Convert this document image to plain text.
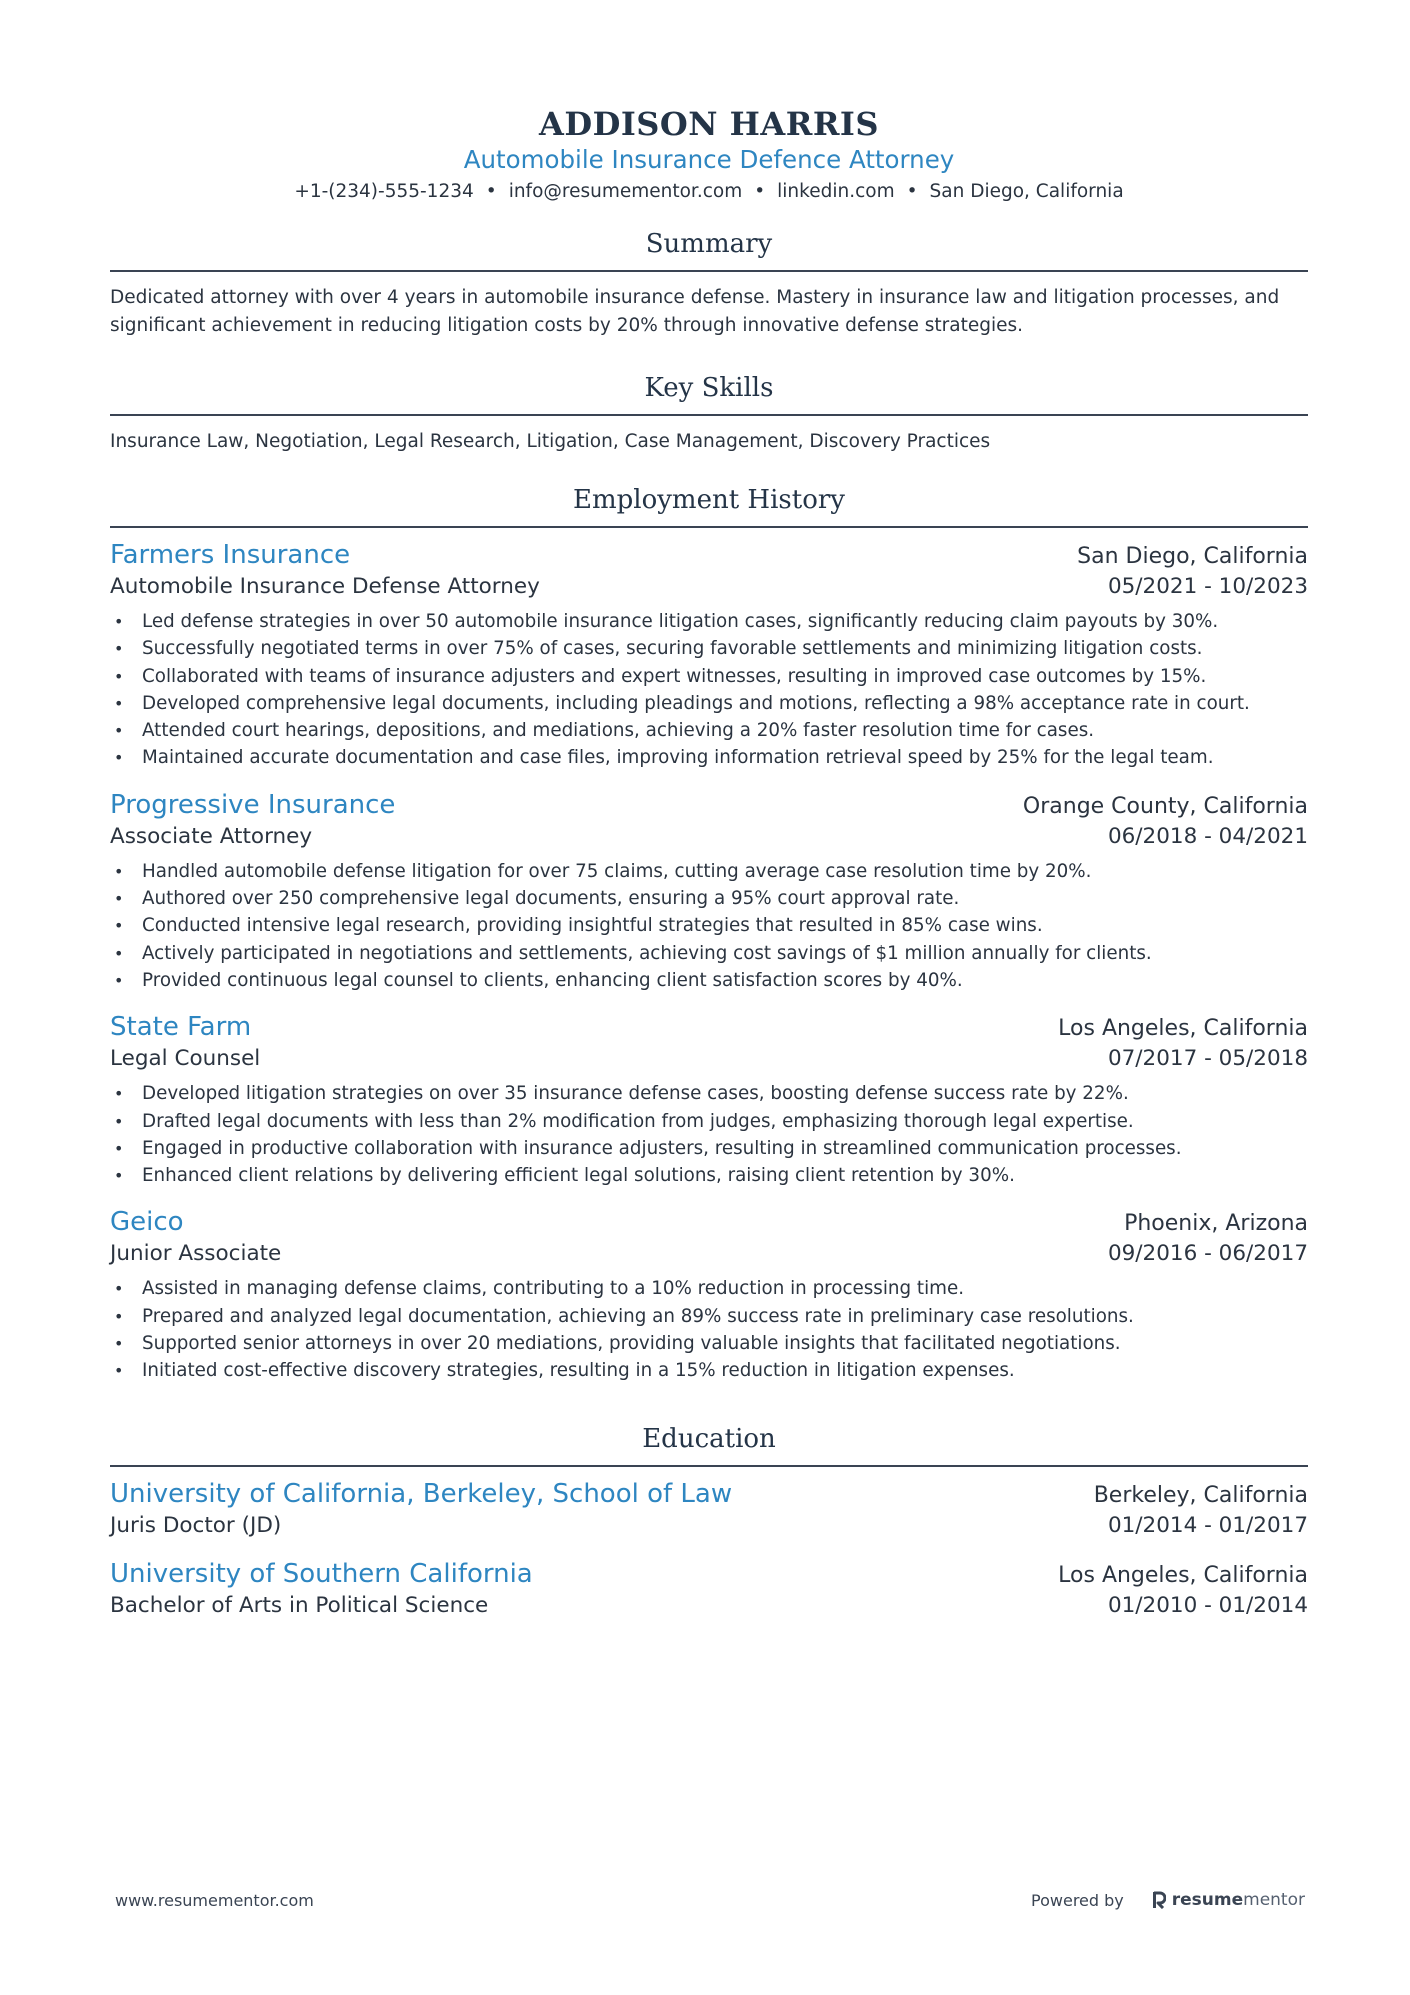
ADDISON HARRIS
Automobile Insurance Defence Attorney
+1-(234)-555-1234 • info@resumementor.com • linkedin.com • San Diego, California
Summary
Dedicated attorney with over 4 years in automobile insurance defense. Mastery in insurance law and litigation processes, and significant achievement in reducing litigation costs by 20% through innovative defense strategies.
Key Skills
Insurance Law, Negotiation, Legal Research, Litigation, Case Management, Discovery Practices
Employment History
Farmers Insurance	San Diego, California
Automobile Insurance Defense Attorney	05/2021 - 10/2023
• Led defense strategies in over 50 automobile insurance litigation cases, significantly reducing claim payouts by 30%.
• Successfully negotiated terms in over 75% of cases, securing favorable settlements and minimizing litigation costs.
• Collaborated with teams of insurance adjusters and expert witnesses, resulting in improved case outcomes by 15%.
• Developed comprehensive legal documents, including pleadings and motions, reflecting a 98% acceptance rate in court.
• Attended court hearings, depositions, and mediations, achieving a 20% faster resolution time for cases.
• Maintained accurate documentation and case files, improving information retrieval speed by 25% for the legal team.
Progressive Insurance	Orange County, California
Associate Attorney	06/2018 - 04/2021
• Handled automobile defense litigation for over 75 claims, cutting average case resolution time by 20%.
• Authored over 250 comprehensive legal documents, ensuring a 95% court approval rate.
• Conducted intensive legal research, providing insightful strategies that resulted in 85% case wins.
• Actively participated in negotiations and settlements, achieving cost savings of $1 million annually for clients.
• Provided continuous legal counsel to clients, enhancing client satisfaction scores by 40%.
State Farm	Los Angeles, California
Legal Counsel	07/2017 - 05/2018
• Developed litigation strategies on over 35 insurance defense cases, boosting defense success rate by 22%.
• Drafted legal documents with less than 2% modification from judges, emphasizing thorough legal expertise.
• Engaged in productive collaboration with insurance adjusters, resulting in streamlined communication processes.
• Enhanced client relations by delivering efficient legal solutions, raising client retention by 30%.
Geico	Phoenix, Arizona
Junior Associate	09/2016 - 06/2017
• Assisted in managing defense claims, contributing to a 10% reduction in processing time.
• Prepared and analyzed legal documentation, achieving an 89% success rate in preliminary case resolutions.
• Supported senior attorneys in over 20 mediations, providing valuable insights that facilitated negotiations.
• Initiated cost-effective discovery strategies, resulting in a 15% reduction in litigation expenses.
Education
University of California, Berkeley, School of Law	Berkeley, California
Juris Doctor (JD)	01/2014 - 01/2017
University of Southern California	Los Angeles, California
Bachelor of Arts in Political Science	01/2010 - 01/2014
www.resumementor.com	Powered by	resumementor
